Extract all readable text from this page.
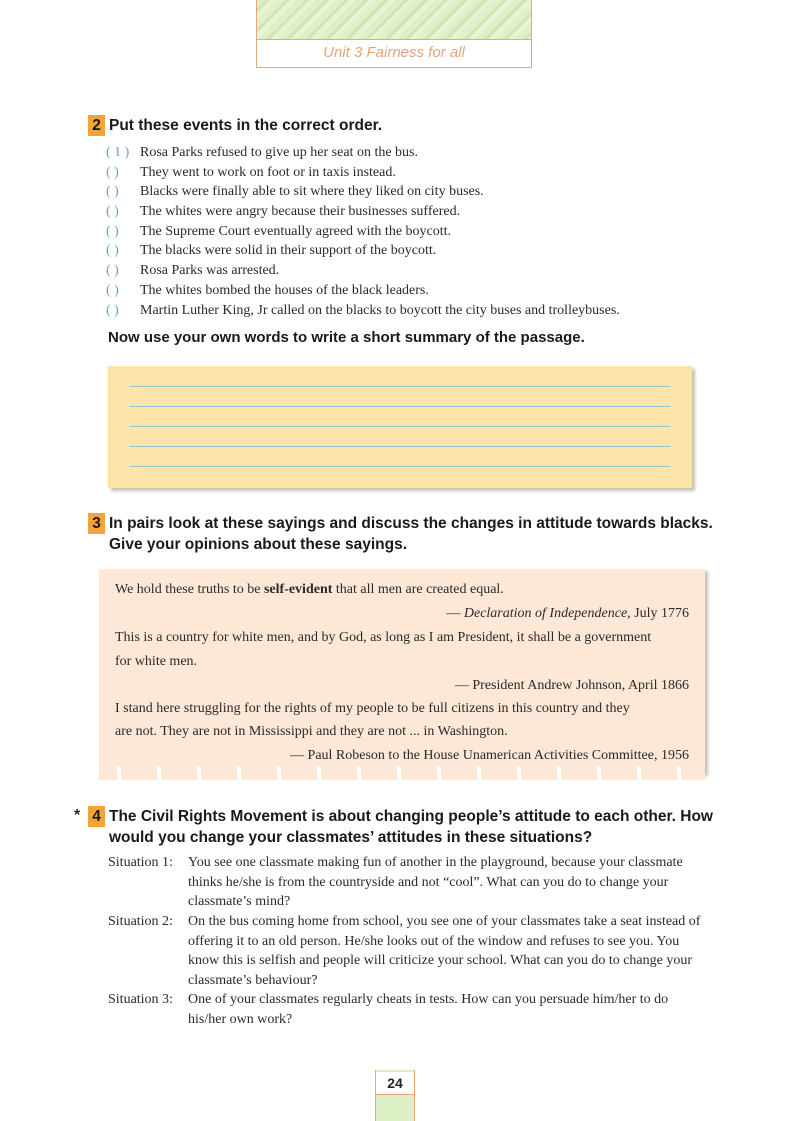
Unit 3 Fairness for all
2 Put these events in the correct order.
( 1 ) Rosa Parks refused to give up her seat on the bus.
( ) They went to work on foot or in taxis instead.
( ) Blacks were finally able to sit where they liked on city buses.
( ) The whites were angry because their businesses suffered.
( ) The Supreme Court eventually agreed with the boycott.
( ) The blacks were solid in their support of the boycott.
( ) Rosa Parks was arrested.
( ) The whites bombed the houses of the black leaders.
( ) Martin Luther King, Jr called on the blacks to boycott the city buses and trolleybuses.
Now use your own words to write a short summary of the passage.
3 In pairs look at these sayings and discuss the changes in attitude towards blacks.
Give your opinions about these sayings.
We hold these truths to be self-evident that all men are created equal.
— Declaration of Independence, July 1776
This is a country for white men, and by God, as long as I am President, it shall be a government
for white men.
— President Andrew Johnson, April 1866
I stand here struggling for the rights of my people to be full citizens in this country and they
are not. They are not in Mississippi and they are not ... in Washington.
— Paul Robeson to the House Unamerican Activities Committee, 1956
* 4 The Civil Rights Movement is about changing people’s attitude to each other. How
would you change your classmates’ attitudes in these situations?
Situation 1:	You see one classmate making fun of another in the playground, because your classmate thinks he/she is from the countryside and not “cool”. What can you do to change your classmate’s mind?
Situation 2:	On the bus coming home from school, you see one of your classmates take a seat instead of offering it to an old person. He/she looks out of the window and refuses to see you. You know this is selfish and people will criticize your school. What can you do to change your classmate’s behaviour?
Situation 3:	One of your classmates regularly cheats in tests. How can you persuade him/her to do his/her own work?
24
